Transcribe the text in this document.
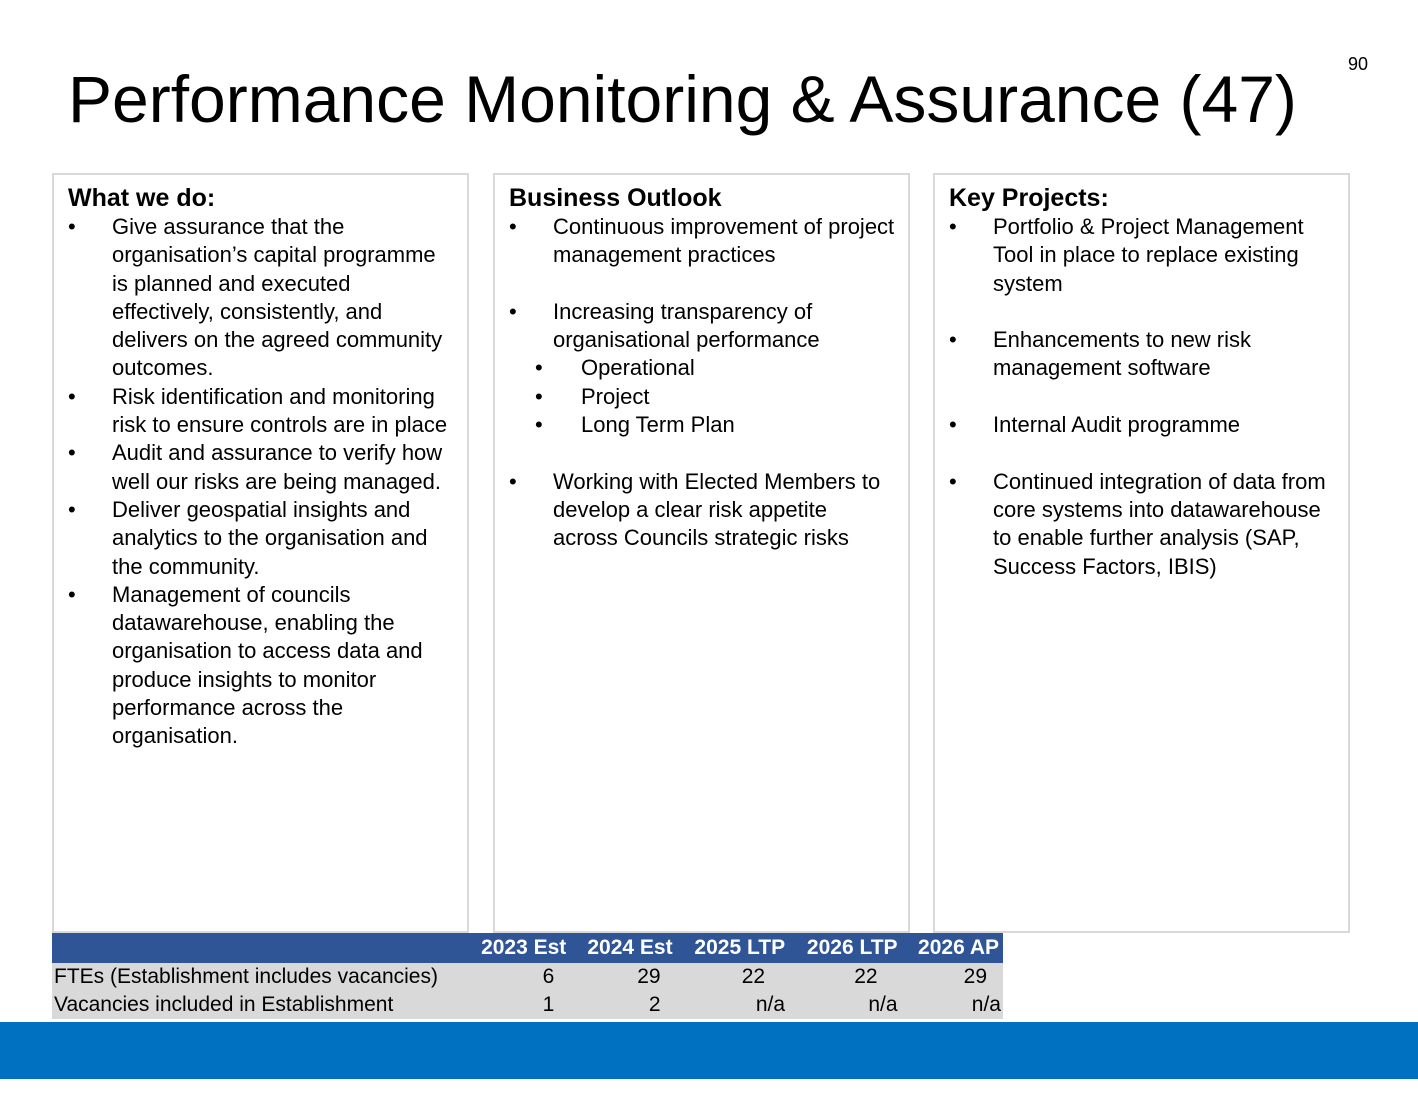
90
Performance Monitoring & Assurance (47)
What we do:
• Give assurance that the organisation’s capital programme is planned and executed effectively, consistently, and delivers on the agreed community outcomes.
• Risk identification and monitoring risk to ensure controls are in place
• Audit and assurance to verify how well our risks are being managed.
• Deliver geospatial insights and analytics to the organisation and the community.
• Management of councils datawarehouse, enabling the organisation to access data and produce insights to monitor performance across the organisation.
Business Outlook
• Continuous improvement of project management practices
• Increasing transparency of organisational performance
• Operational
• Project
• Long Term Plan
• Working with Elected Members to develop a clear risk appetite across Councils strategic risks
Key Projects:
• Portfolio & Project Management Tool in place to replace existing system
• Enhancements to new risk management software
• Internal Audit programme
• Continued integration of data from core systems into datawarehouse to enable further analysis (SAP, Success Factors, IBIS)
	2023 Est	2024 Est	2025 LTP	2026 LTP	2026 AP
FTEs (Establishment includes vacancies)	6	29	22	22	29
Vacancies included in Establishment	1	2	n/a	n/a	n/a
